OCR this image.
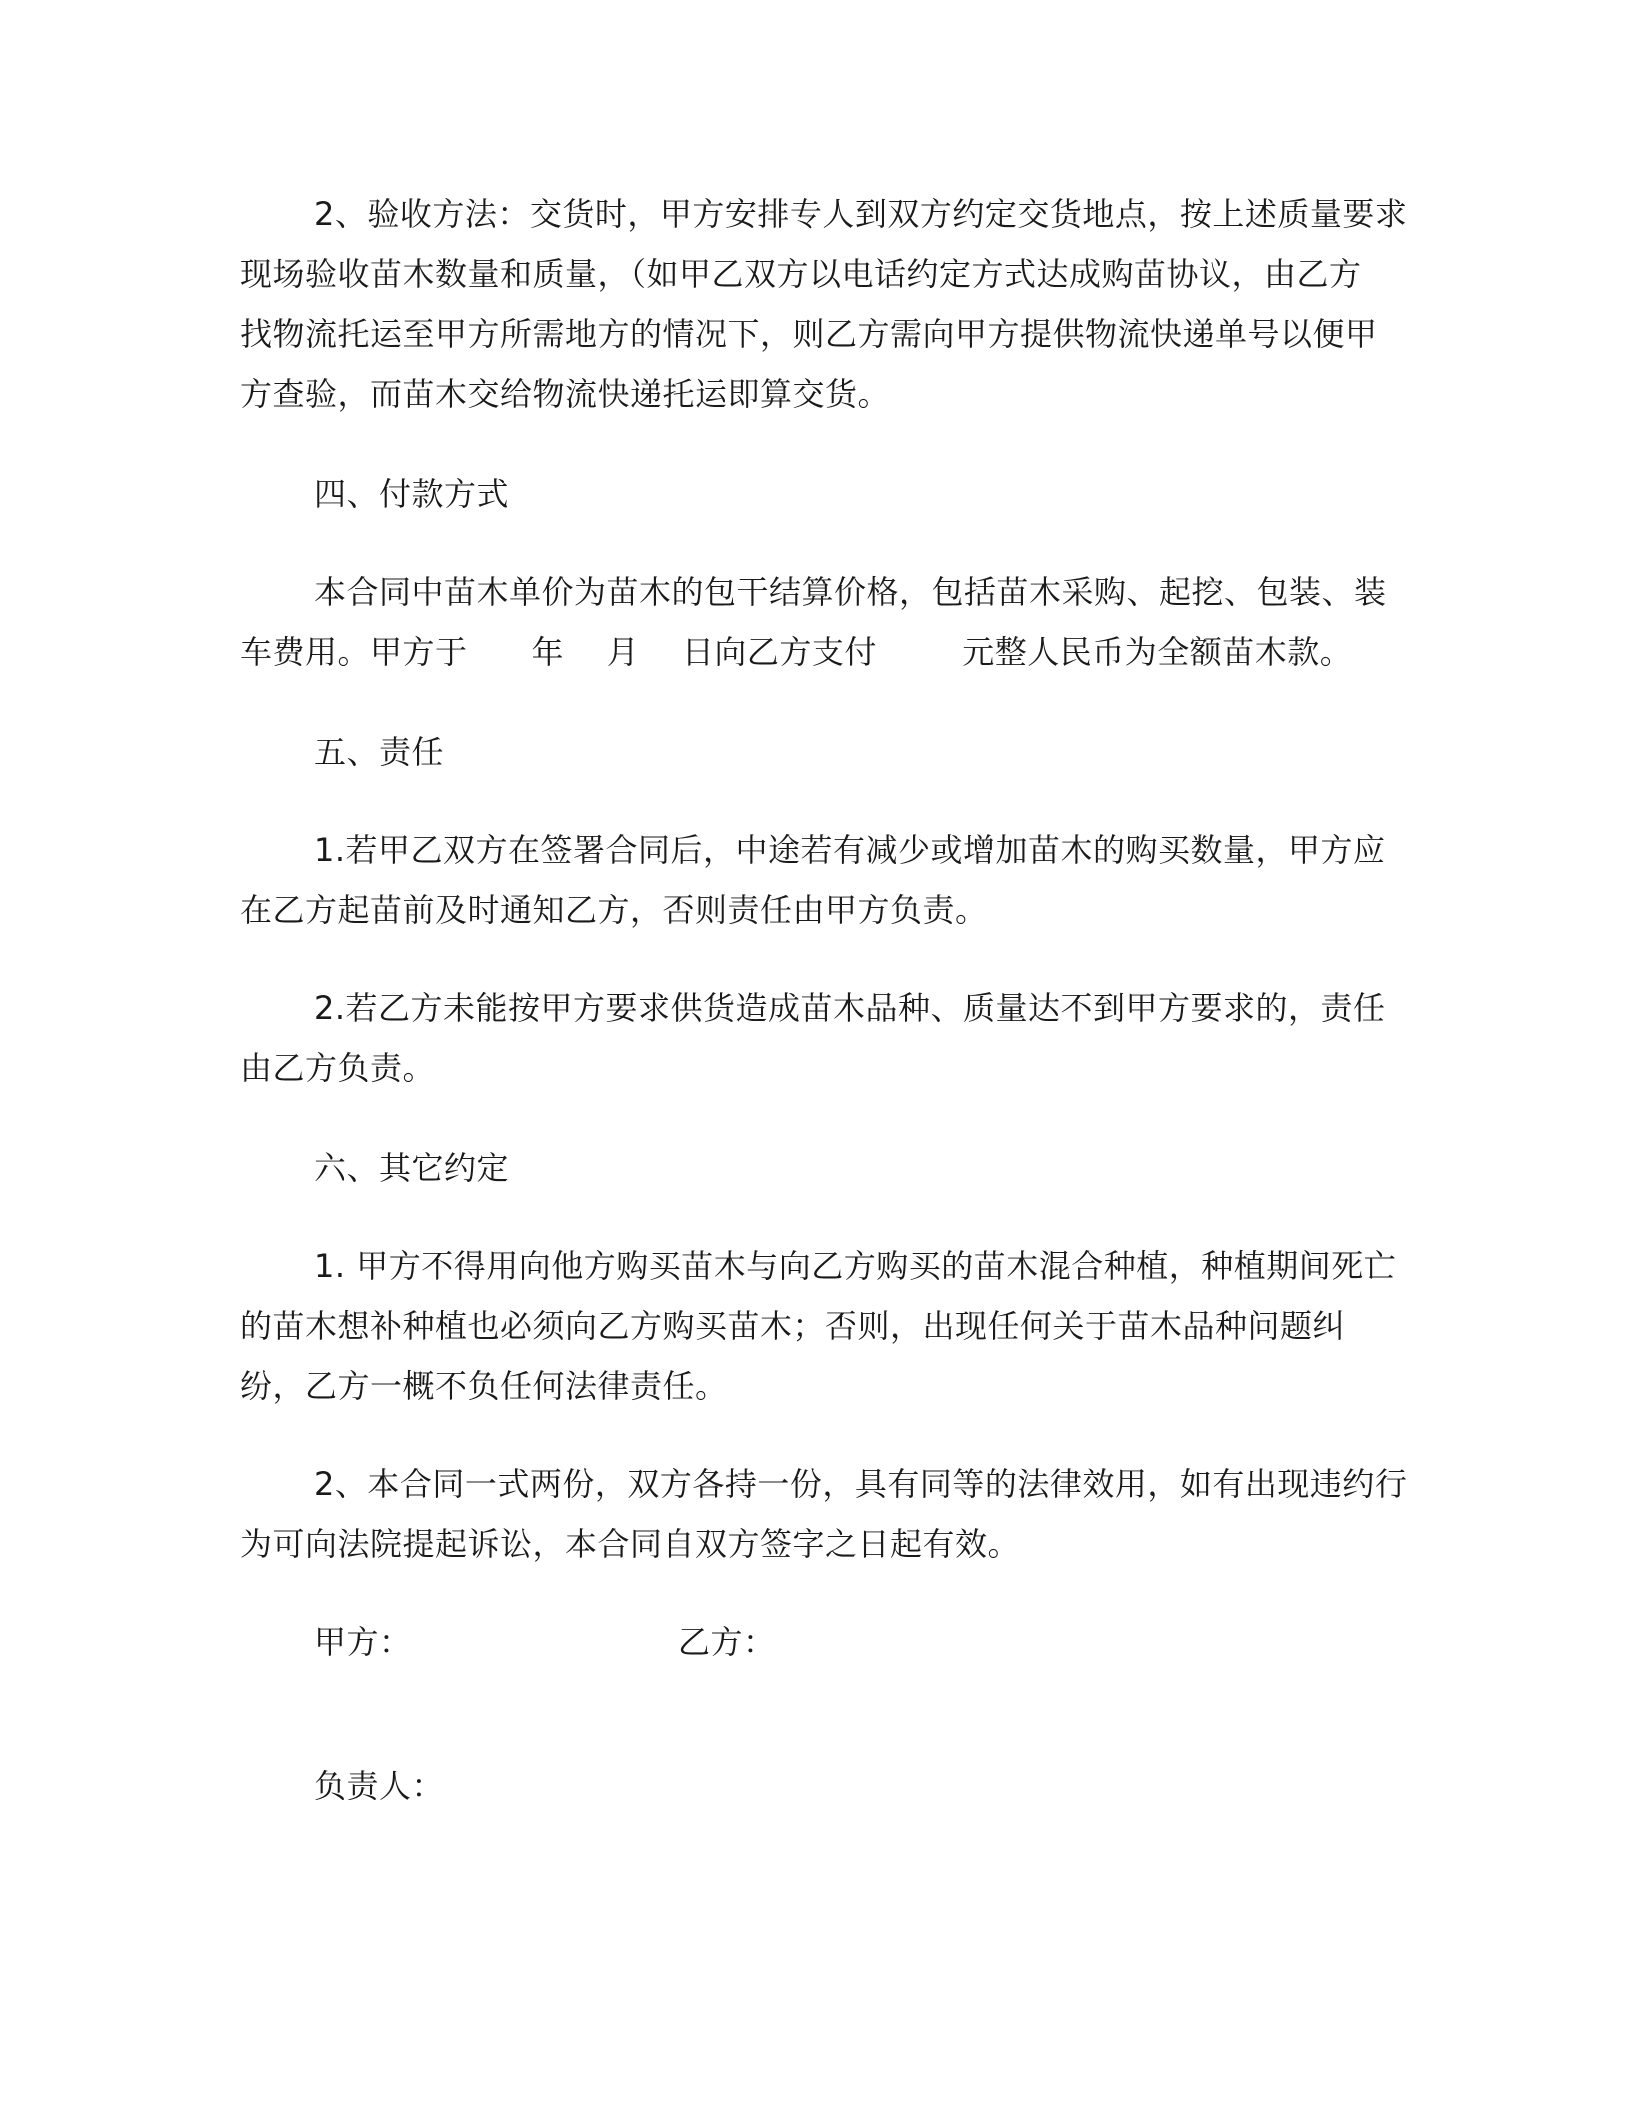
2、验收方法：交货时，甲方安排专人到双方约定交货地点，按上述质量要求
现场验收苗木数量和质量，（如甲乙双方以电话约定方式达成购苗协议，由乙方
找物流托运至甲方所需地方的情况下，则乙方需向甲方提供物流快递单号以便甲
方查验，而苗木交给物流快递托运即算交货。
四、付款方式
本合同中苗木单价为苗木的包干结算价格，包括苗木采购、起挖、包装、装
车费用。甲方于      年    月    日向乙方支付        元整人民币为全额苗木款。
五、责任
1.若甲乙双方在签署合同后，中途若有减少或增加苗木的购买数量，甲方应
在乙方起苗前及时通知乙方，否则责任由甲方负责。
2.若乙方未能按甲方要求供货造成苗木品种、质量达不到甲方要求的，责任
由乙方负责。
六、其它约定
1. 甲方不得用向他方购买苗木与向乙方购买的苗木混合种植，种植期间死亡
的苗木想补种植也必须向乙方购买苗木；否则，出现任何关于苗木品种问题纠
纷，乙方一概不负任何法律责任。
2、本合同一式两份，双方各持一份，具有同等的法律效用，如有出现违约行
为可向法院提起诉讼，本合同自双方签字之日起有效。
甲方：	乙方：
负责人：
